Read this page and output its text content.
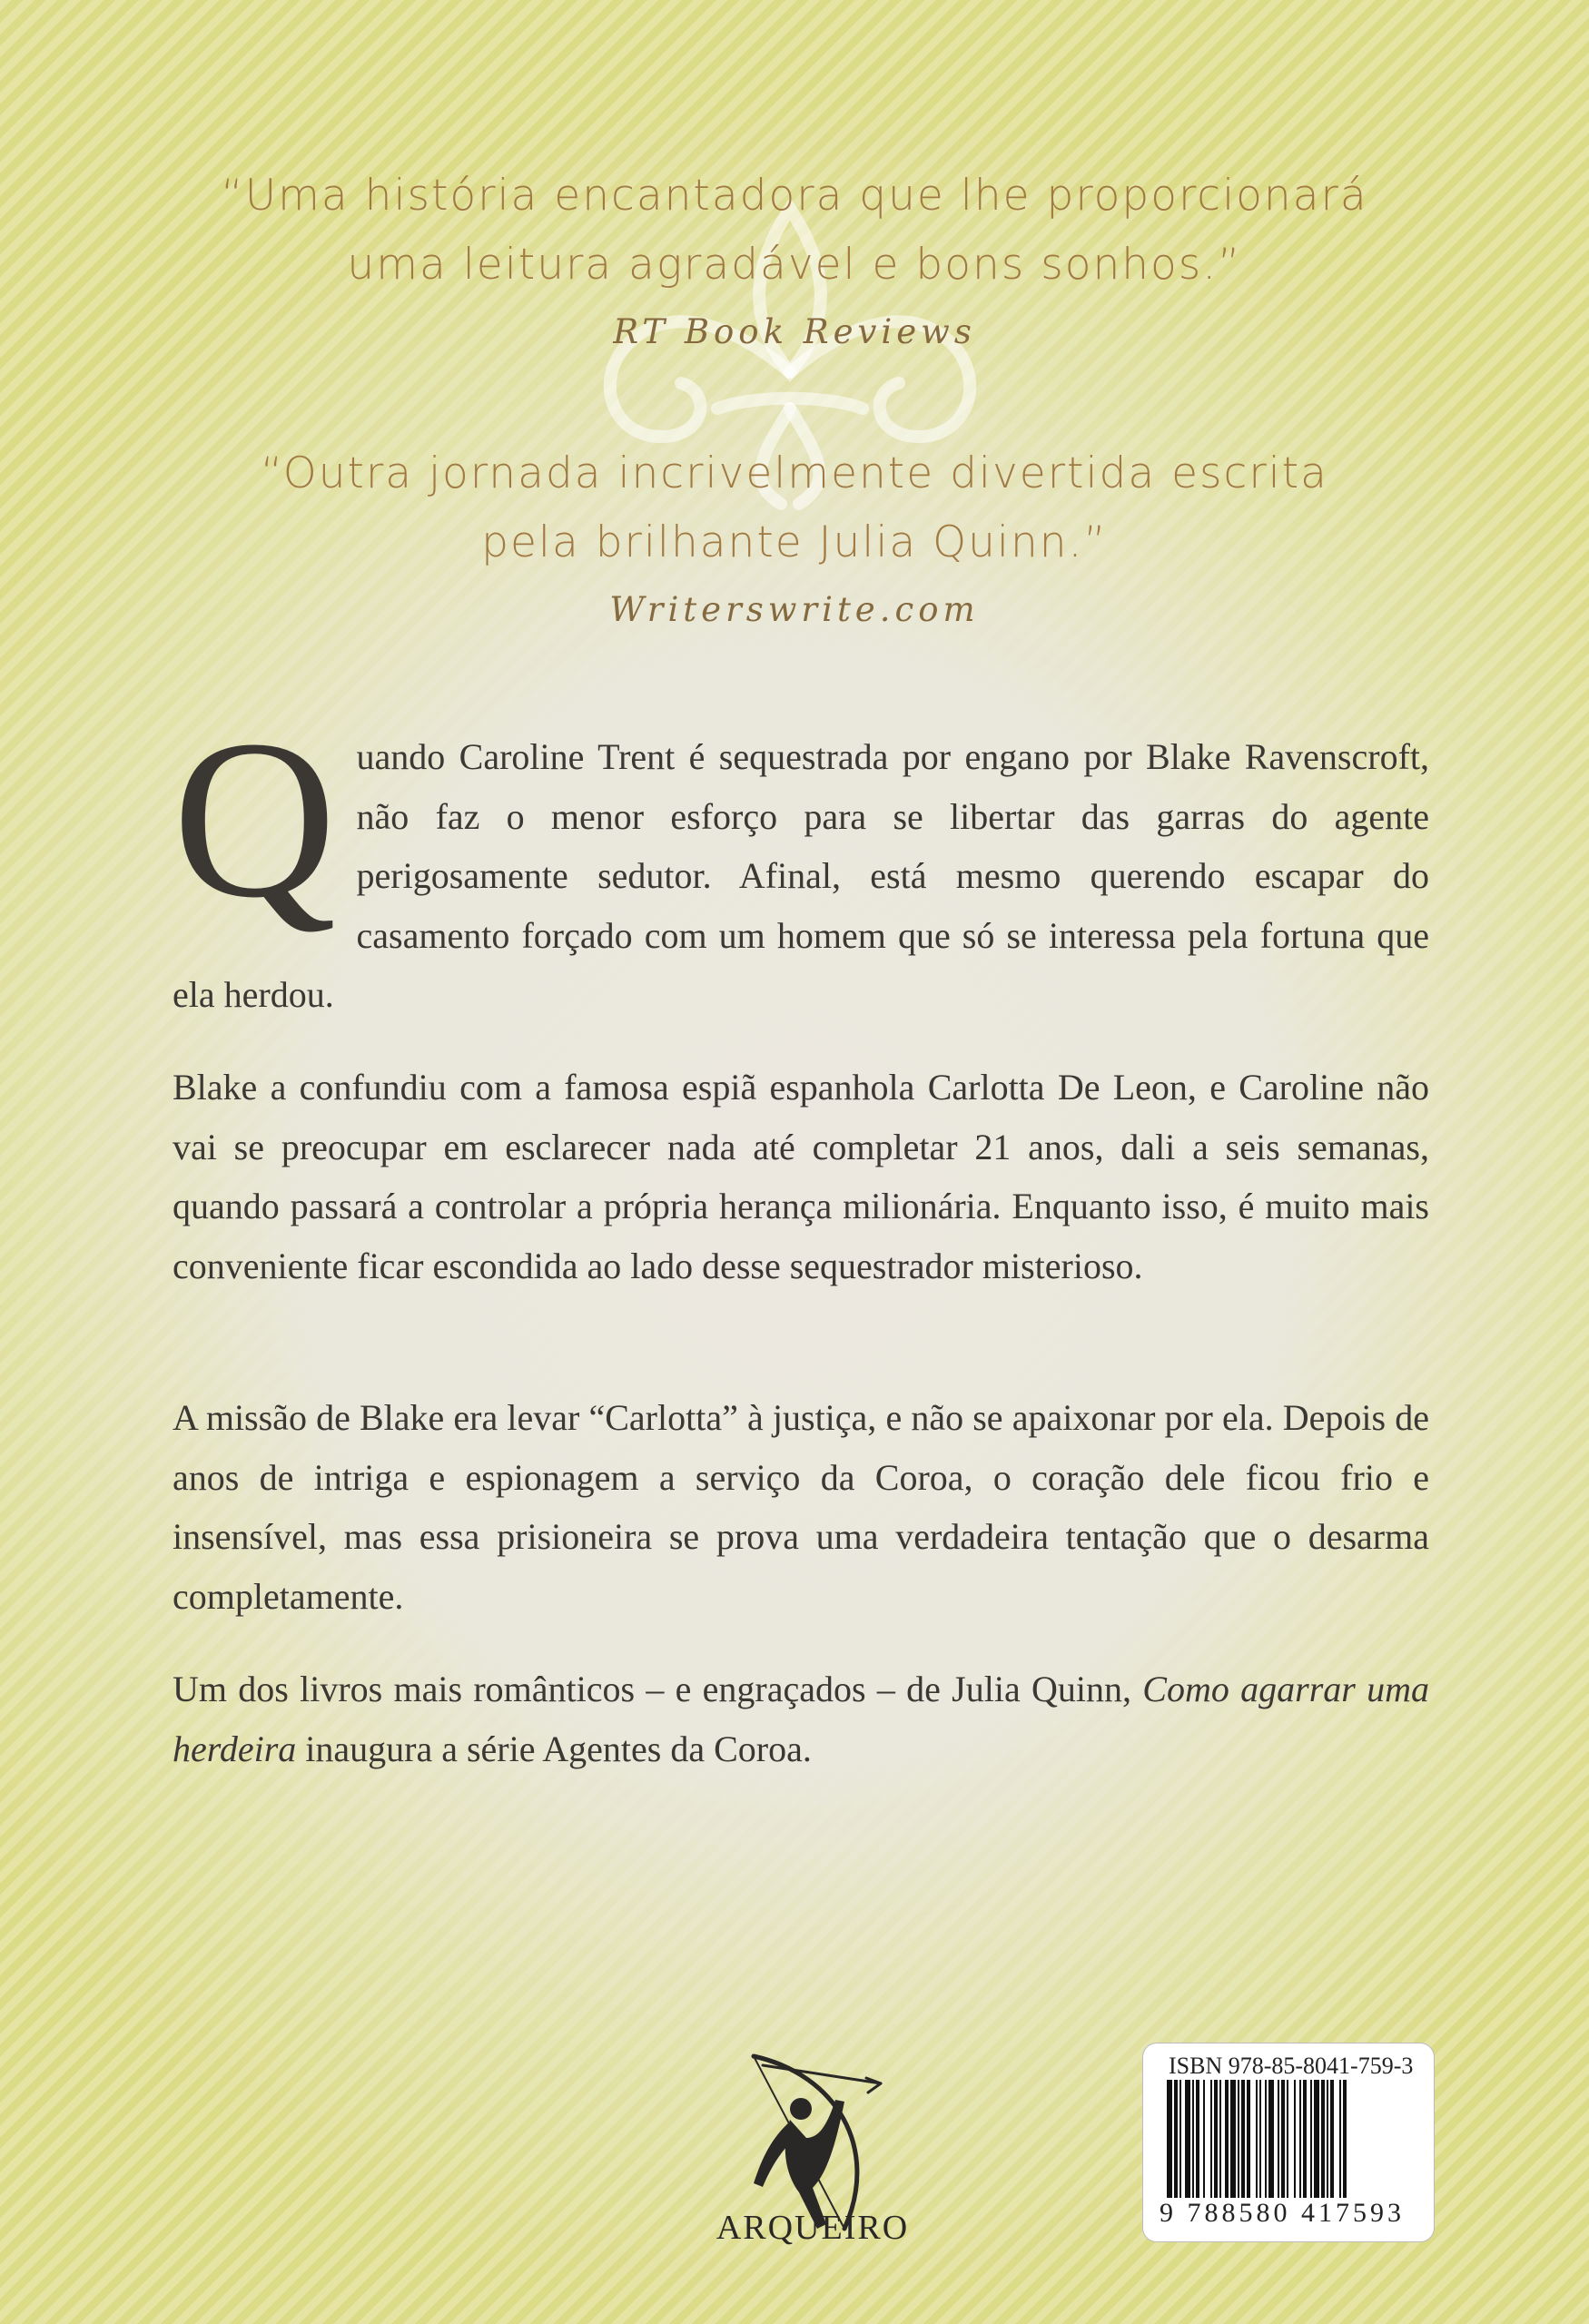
“Uma história encantadora que lhe proporcionará
uma leitura agradável e bons sonhos.”
RT Book Reviews
“Outra jornada incrivelmente divertida escrita
pela brilhante Julia Quinn.”
Writerswrite.com

Quando Caroline Trent é sequestrada por engano por Blake Ravenscroft, não faz o menor esforço para se libertar das garras do agente perigosamente sedutor. Afinal, está mesmo querendo escapar do casamento forçado com um homem que só se interessa pela fortuna que ela herdou.

Blake a confundiu com a famosa espiã espanhola Carlotta De Leon, e Caroline não vai se preocupar em esclarecer nada até completar 21 anos, dali a seis semanas, quando passará a controlar a própria herança milionária. Enquanto isso, é muito mais conveniente ficar escondida ao lado desse sequestrador misterioso.

A missão de Blake era levar “Carlotta” à justiça, e não se apaixonar por ela. Depois de anos de intriga e espionagem a serviço da Coroa, o coração dele ficou frio e insensível, mas essa prisioneira se prova uma verdadeira tentação que o desarma completamente.

Um dos livros mais românticos – e engraçados – de Julia Quinn, Como agarrar uma herdeira inaugura a série Agentes da Coroa.

ARQUEIRO
ISBN 978-85-8041-759-3
9 788580 417593
